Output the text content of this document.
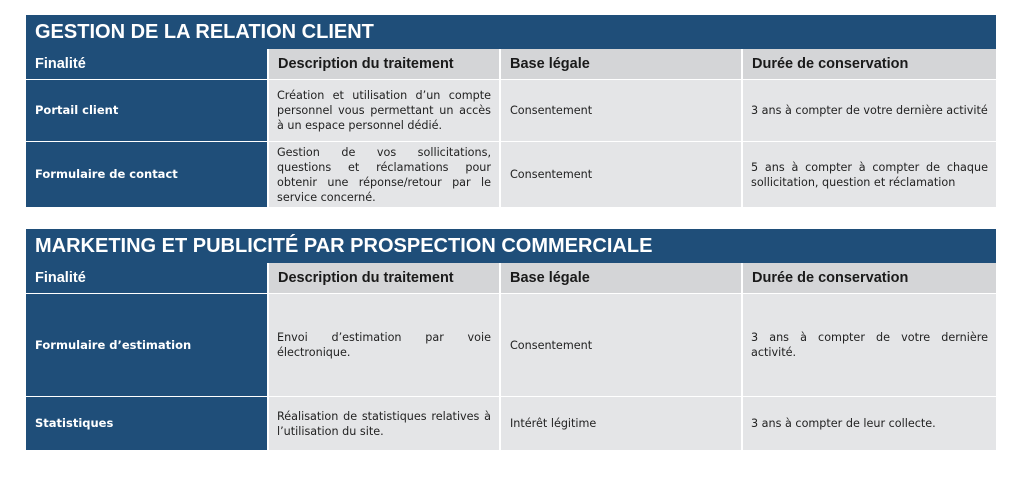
GESTION DE LA RELATION CLIENT
Finalité	Description du traitement	Base légale	Durée de conservation
Portail client	Création et utilisation d’un compte personnel vous permettant un accès à un espace personnel dédié.	Consentement	3 ans à compter de votre dernière activité
Formulaire de contact	Gestion de vos sollicitations, questions et réclamations pour obtenir une réponse/retour par le service concerné.	Consentement	5 ans à compter à compter de chaque sollicitation, question et réclamation
MARKETING ET PUBLICITÉ PAR PROSPECTION COMMERCIALE
Finalité	Description du traitement	Base légale	Durée de conservation
Formulaire d’estimation	Envoi d’estimation par voie électronique.	Consentement	3 ans à compter de votre dernière activité.
Statistiques	Réalisation de statistiques relatives à l’utilisation du site.	Intérêt légitime	3 ans à compter de leur collecte.
